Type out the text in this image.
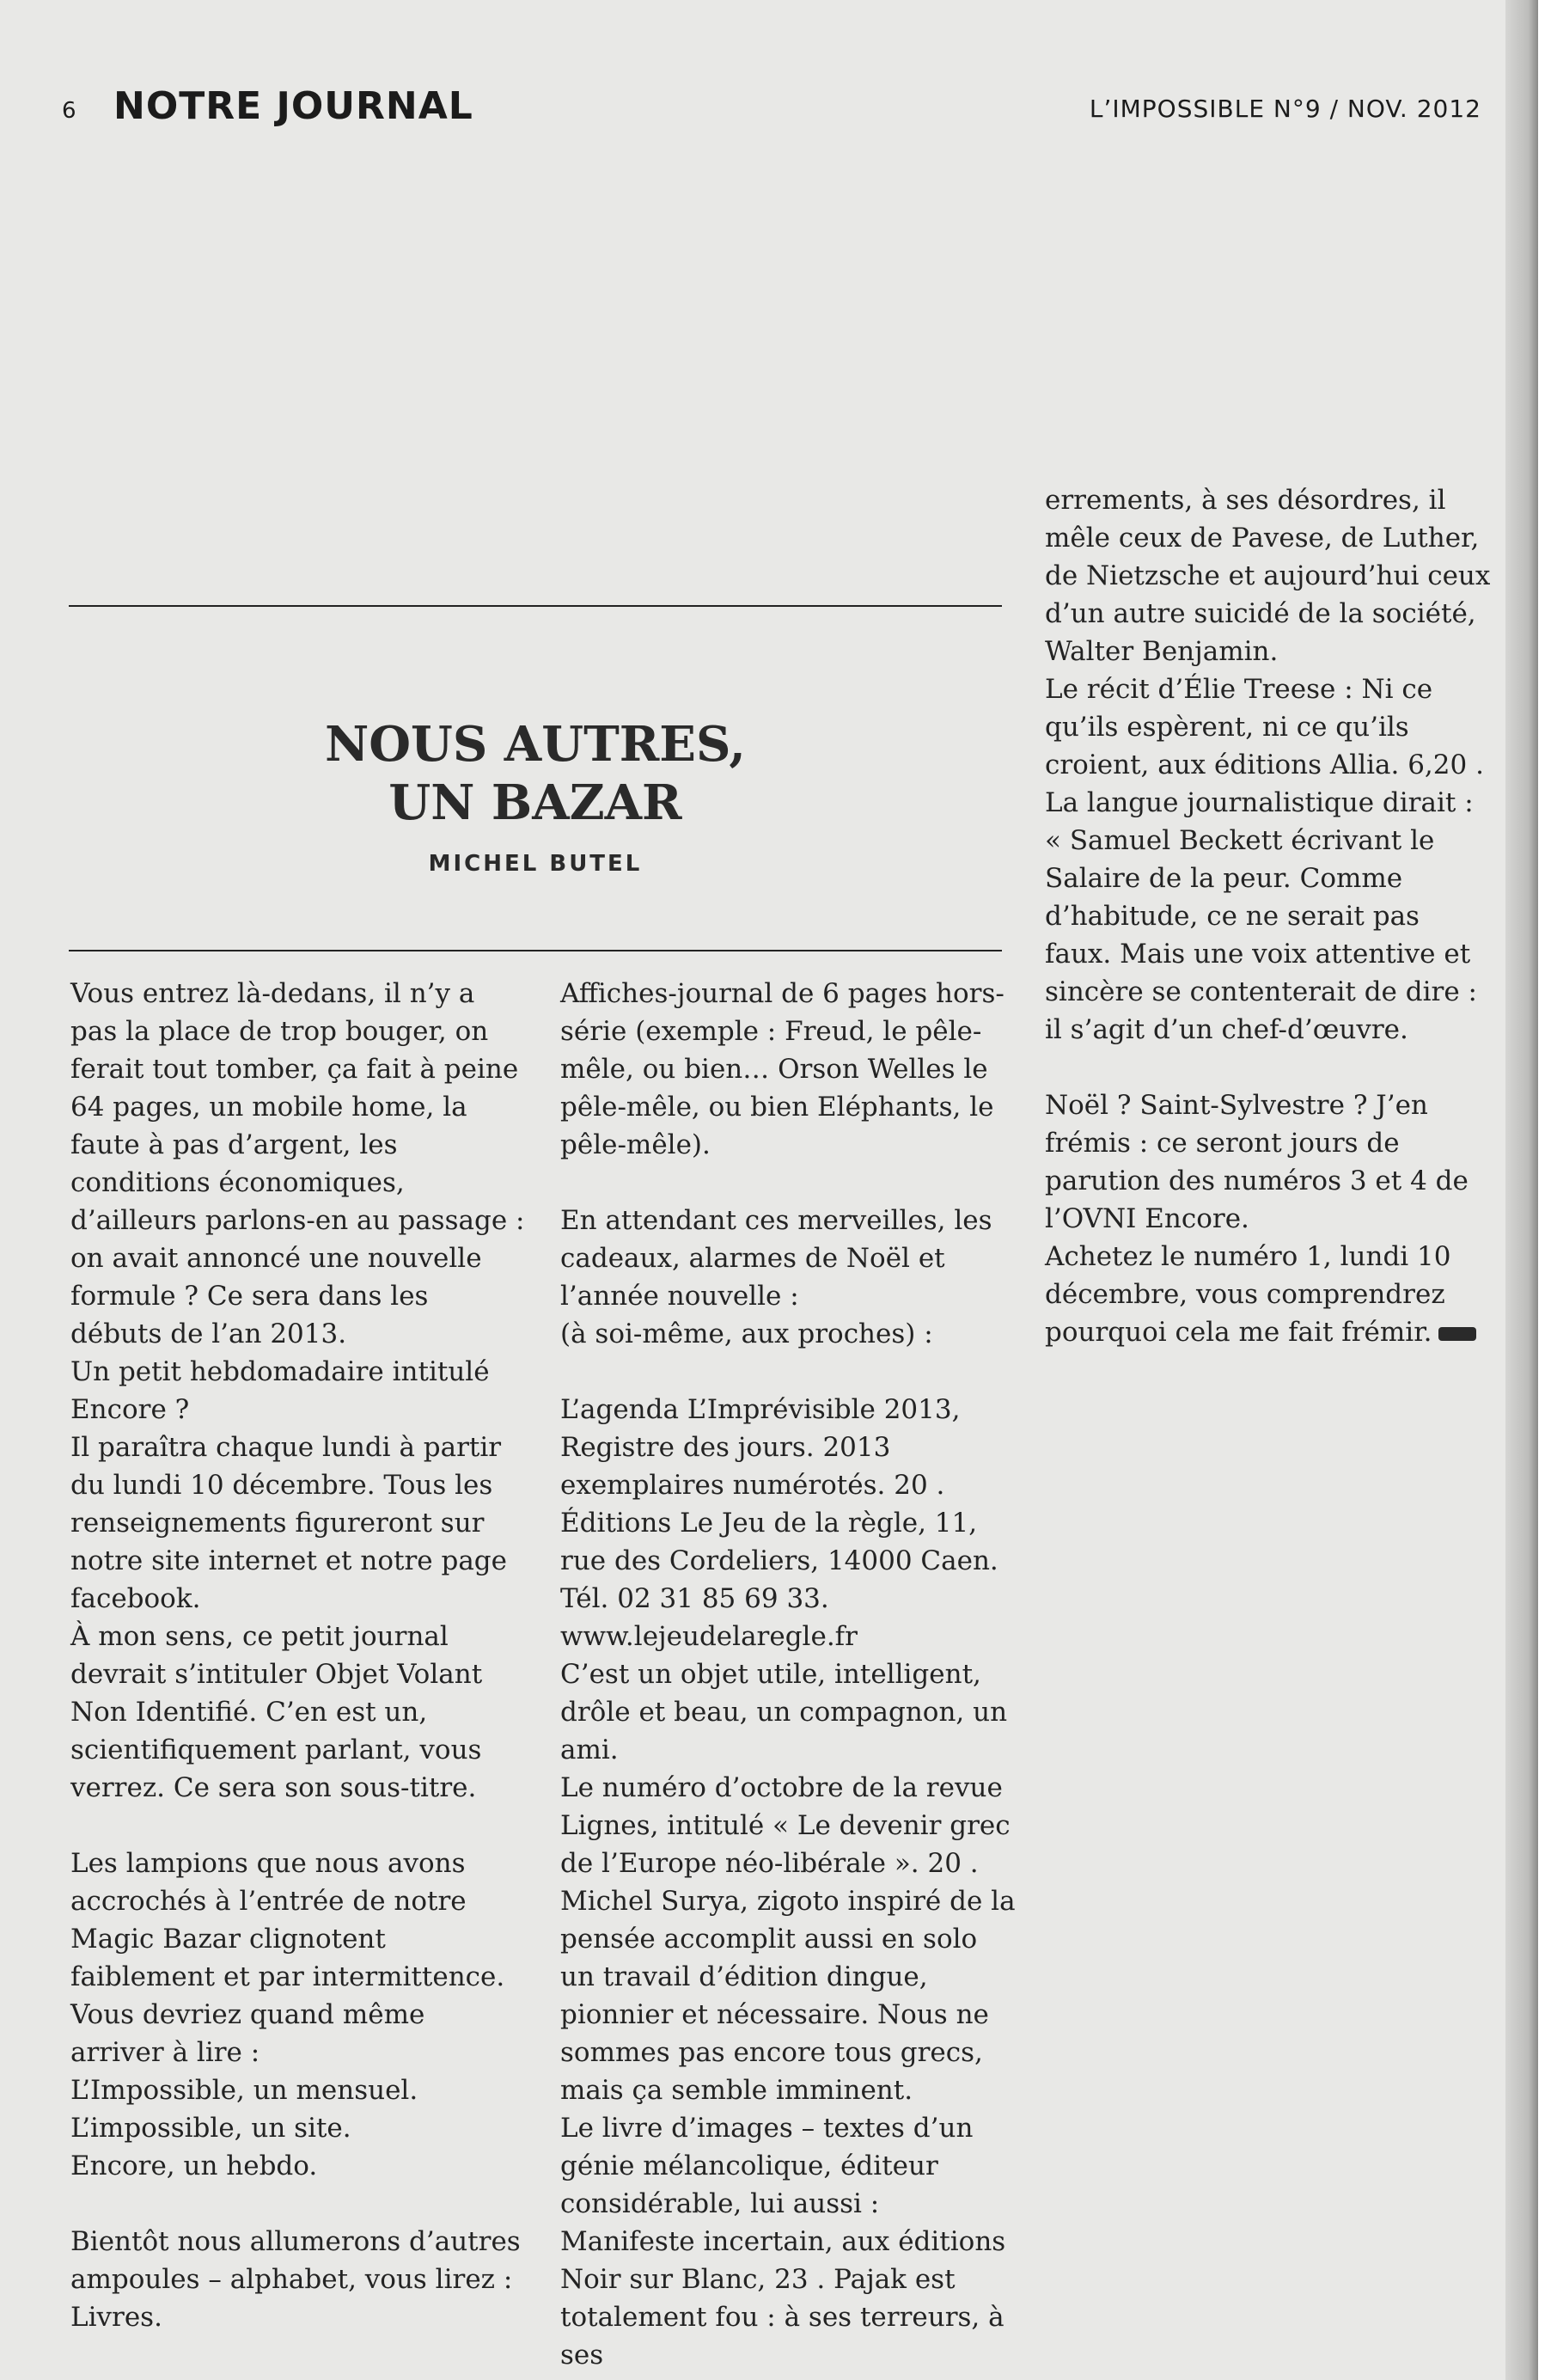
6 NOTRE JOURNAL	L’IMPOSSIBLE N°9 / NOV. 2012
NOUS AUTRES,
UN BAZAR
MICHEL BUTEL

Vous entrez là-dedans, il n’y a pas la place de trop bouger, on ferait tout tomber, ça fait à peine 64 pages, un mobile home, la faute à pas d’argent, les conditions économiques, d’ailleurs parlons-en au passage : on avait annoncé une nouvelle formule ? Ce sera dans les débuts de l’an 2013.

Un petit hebdomadaire intitulé Encore ?

Il paraîtra chaque lundi à partir du lundi 10 décembre. Tous les renseignements figureront sur notre site internet et notre page facebook.

À mon sens, ce petit journal devrait s’intituler Objet Volant Non Identifié. C’en est un, scientifiquement parlant, vous verrez. Ce sera son sous-titre.

Les lampions que nous avons accrochés à l’entrée de notre Magic Bazar clignotent faiblement et par intermittence.

Vous devriez quand même arriver à lire :

L’Impossible, un mensuel.

L’impossible, un site.

Encore, un hebdo.

Bientôt nous allumerons d’autres ampoules – alphabet, vous lirez : Livres.

Affiches-journal de 6 pages hors-série (exemple : Freud, le pêle-mêle, ou bien… Orson Welles le pêle-mêle, ou bien Eléphants, le pêle-mêle).

En attendant ces merveilles, les cadeaux, alarmes de Noël et l’année nouvelle :

(à soi-même, aux proches) :

L’agenda L’Imprévisible 2013, Registre des jours. 2013 exemplaires numérotés. 20 . Éditions Le Jeu de la règle, 11, rue des Cordeliers, 14000 Caen. Tél. 02 31 85 69 33. www.lejeudelaregle.fr

C’est un objet utile, intelligent, drôle et beau, un compagnon, un ami.

Le numéro d’octobre de la revue Lignes, intitulé « Le devenir grec de l’Europe néo-libérale ». 20 . Michel Surya, zigoto inspiré de la pensée accomplit aussi en solo un travail d’édition dingue, pionnier et nécessaire. Nous ne sommes pas encore tous grecs, mais ça semble imminent.

Le livre d’images – textes d’un génie mélancolique, éditeur considérable, lui aussi : Manifeste incertain, aux éditions Noir sur Blanc, 23 . Pajak est totalement fou : à ses terreurs, à ses

errements, à ses désordres, il mêle ceux de Pavese, de Luther, de Nietzsche et aujourd’hui ceux d’un autre suicidé de la société, Walter Benjamin.

Le récit d’Élie Treese : Ni ce qu’ils espèrent, ni ce qu’ils croient, aux éditions Allia. 6,20 . La langue journalistique dirait : « Samuel Beckett écrivant le Salaire de la peur. Comme d’habitude, ce ne serait pas faux. Mais une voix attentive et sincère se contenterait de dire : il s’agit d’un chef-d’œuvre.

Noël ? Saint-Sylvestre ? J’en frémis : ce seront jours de parution des numéros 3 et 4 de l’OVNI Encore.

Achetez le numéro 1, lundi 10 décembre, vous comprendrez pourquoi cela me fait frémir.
